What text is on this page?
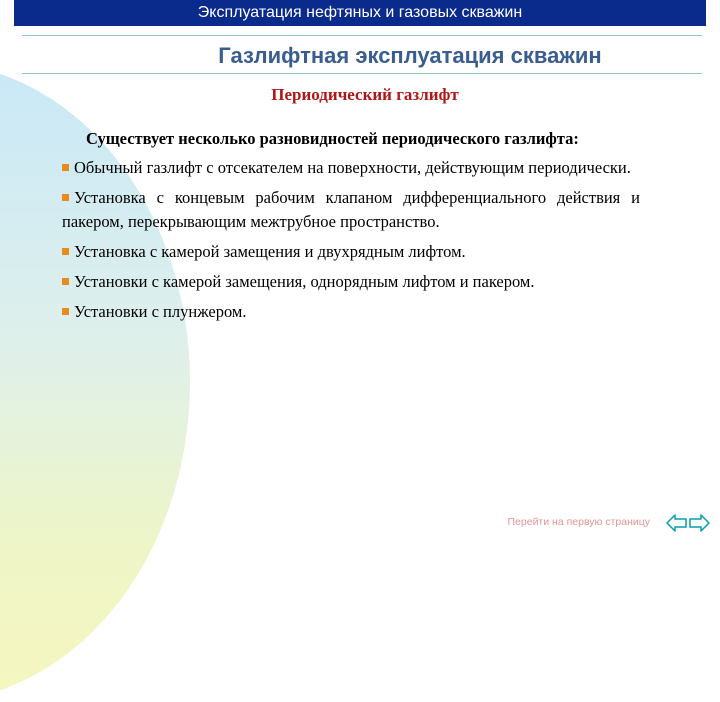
Эксплуатация нефтяных и газовых скважин
Газлифтная эксплуатация скважин
Периодический газлифт

Существует несколько разновидностей периодического газлифта:

Обычный газлифт с отсекателем на поверхности, действующим периодически.

Установка с концевым рабочим клапаном дифференциального действия и пакером, перекрывающим межтрубное пространство.

Установка с камерой замещения и двухрядным лифтом.

Установки с камерой замещения, однорядным лифтом и пакером.

Установки с плунжером.

Перейти на первую страницу
